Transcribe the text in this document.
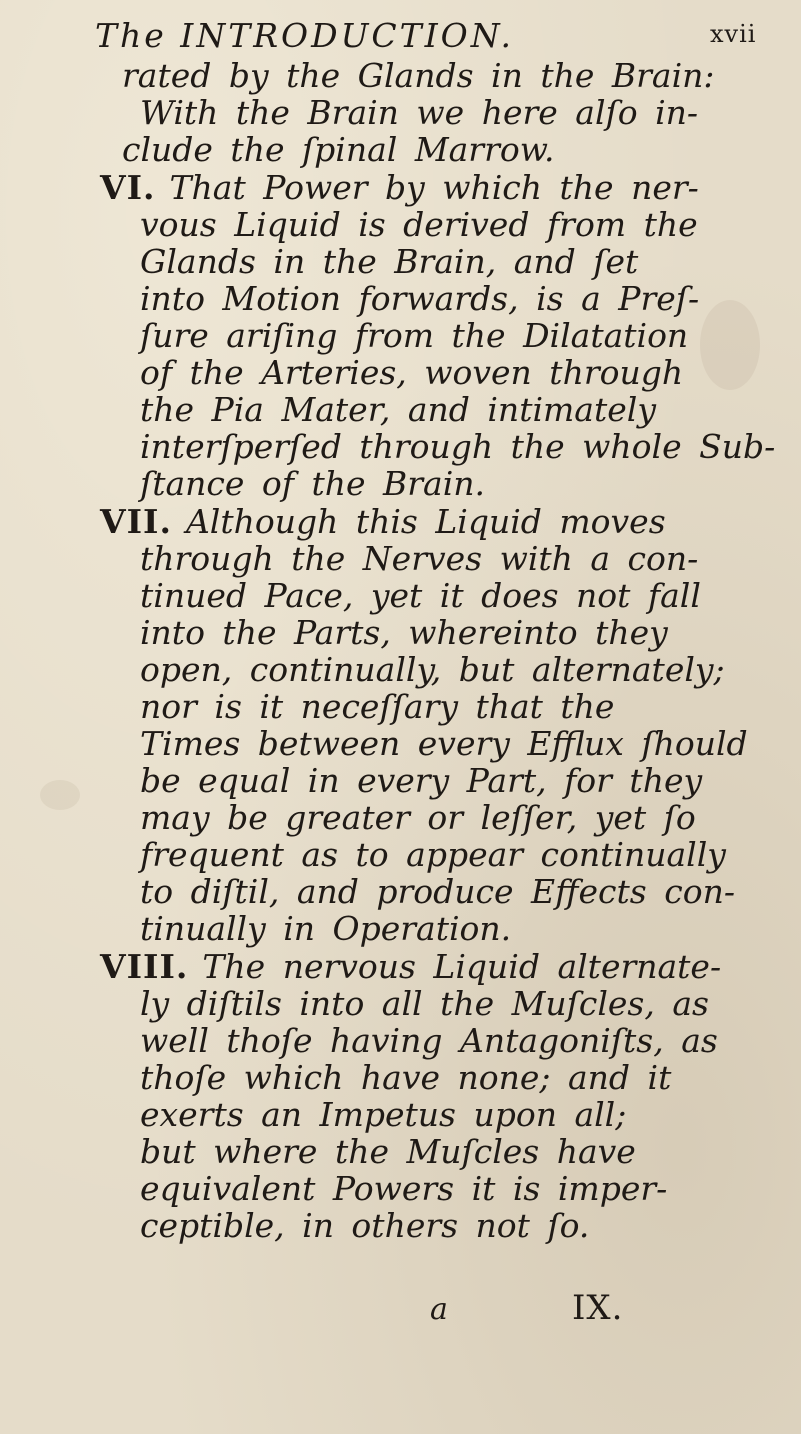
The INTRODUCTION.	xvii
rated by the Glands in the Brain:
With the Brain we here alſo in-
clude the ſpinal Marrow.
VI. That Power by which the ner-
vous Liquid is derived from the
Glands in the Brain, and ſet
into Motion forwards, is a Preſ-
ſure ariſing from the Dilatation
of the Arteries, woven through
the Pia Mater, and intimately
interſperſed through the whole Sub-
ſtance of the Brain.
VII. Although this Liquid moves
through the Nerves with a con-
tinued Pace, yet it does not fall
into the Parts, whereinto they
open, continually, but alternately;
nor is it neceſſary that the
Times between every Efflux ſhould
be equal in every Part, for they
may be greater or leſſer, yet ſo
frequent as to appear continually
to diſtil, and produce Effects con-
tinually in Operation.
VIII. The nervous Liquid alternate-
ly diſtils into all the Muſcles, as
well thoſe having Antagoniſts, as
thoſe which have none; and it
exerts an Impetus upon all;
but where the Muſcles have
equivalent Powers it is imper-
ceptible, in others not ſo.
a	IX.
